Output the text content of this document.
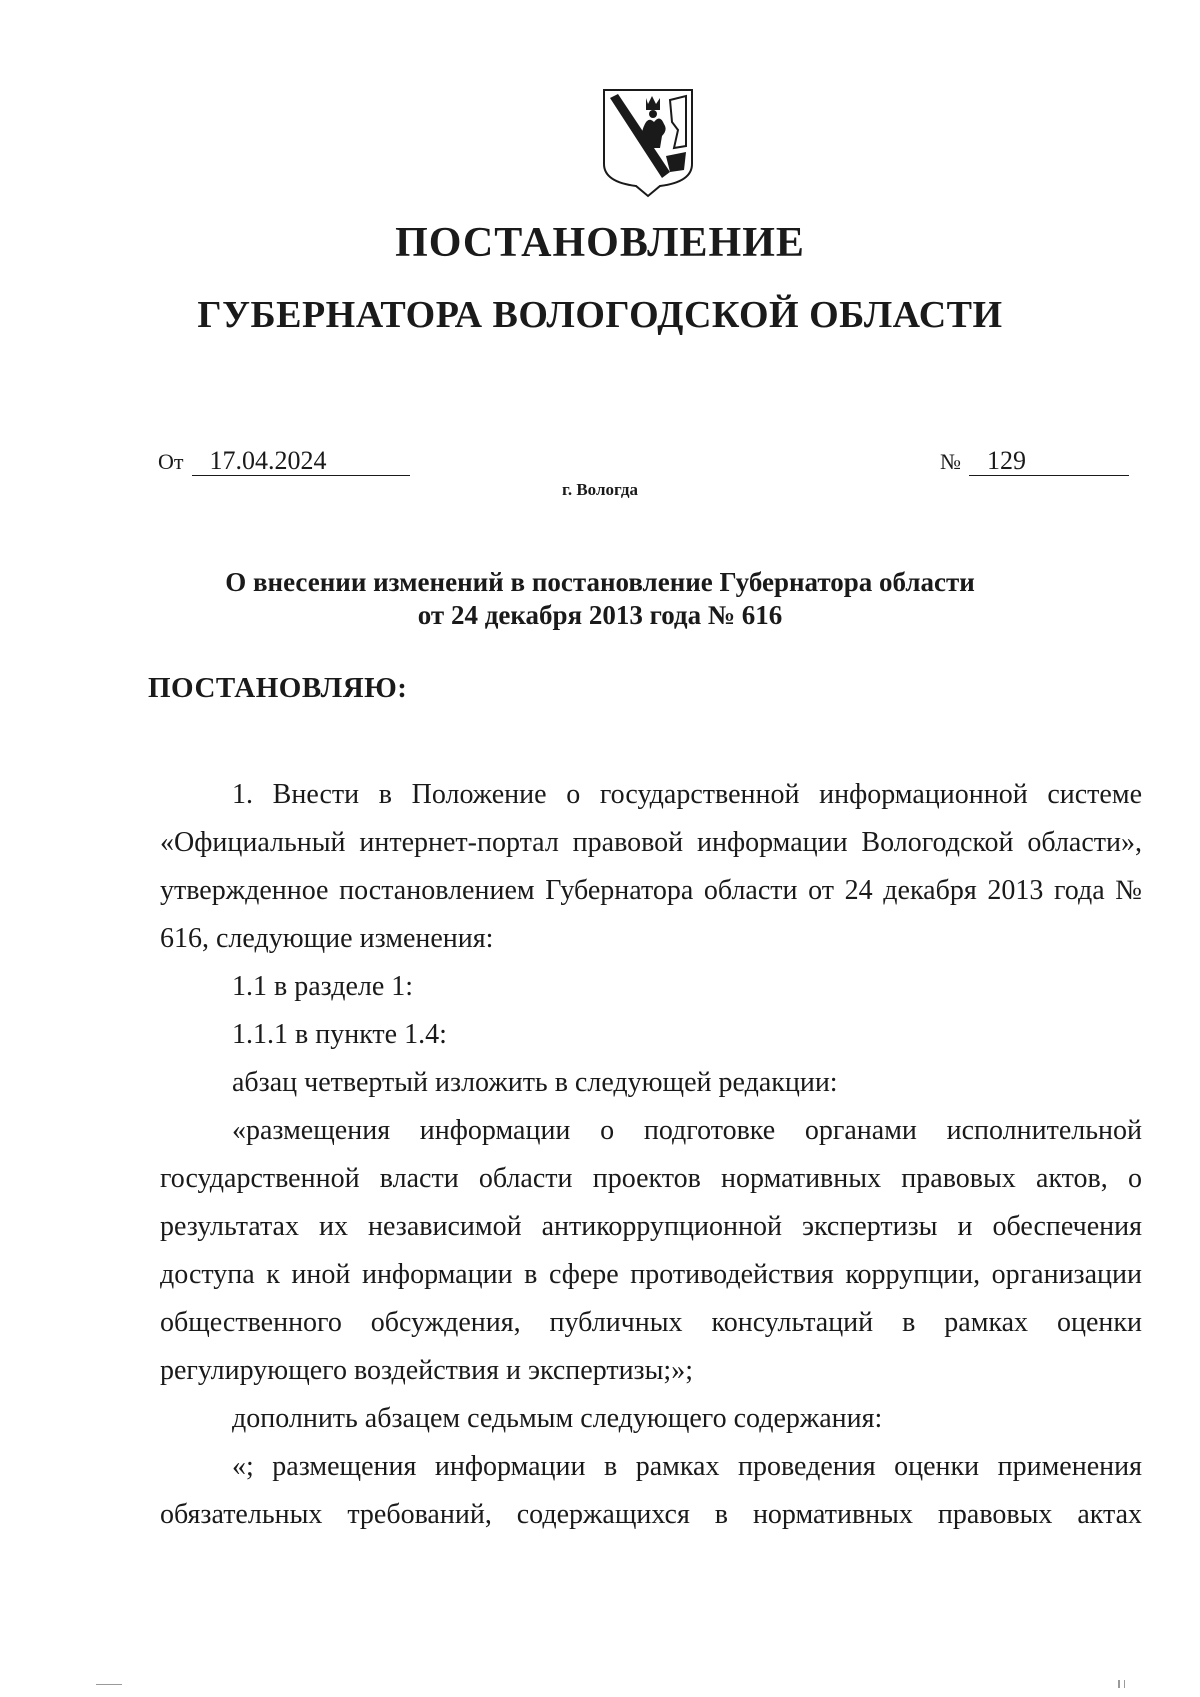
ПОСТАНОВЛЕНИЕ
ГУБЕРНАТОРА ВОЛОГОДСКОЙ ОБЛАСТИ
От 17.04.2024	№ 129
г. Вологда
О внесении изменений в постановление Губернатора области
от 24 декабря 2013 года № 616
ПОСТАНОВЛЯЮ:

1. Внести в Положение о государственной информационной системе «Официальный интернет-портал правовой информации Вологодской области», утвержденное постановлением Губернатора области от 24 декабря 2013 года № 616, следующие изменения:

1.1 в разделе 1:

1.1.1 в пункте 1.4:

абзац четвертый изложить в следующей редакции:

«размещения информации о подготовке органами исполнительной государственной власти области проектов нормативных правовых актов, о результатах их независимой антикоррупционной экспертизы и обеспечения доступа к иной информации в сфере противодействия коррупции, организации общественного обсуждения, публичных консультаций в рамках оценки регулирующего воздействия и экспертизы;»;

дополнить абзацем седьмым следующего содержания:

«; размещения информации в рамках проведения оценки применения обязательных требований, содержащихся в нормативных правовых актах
